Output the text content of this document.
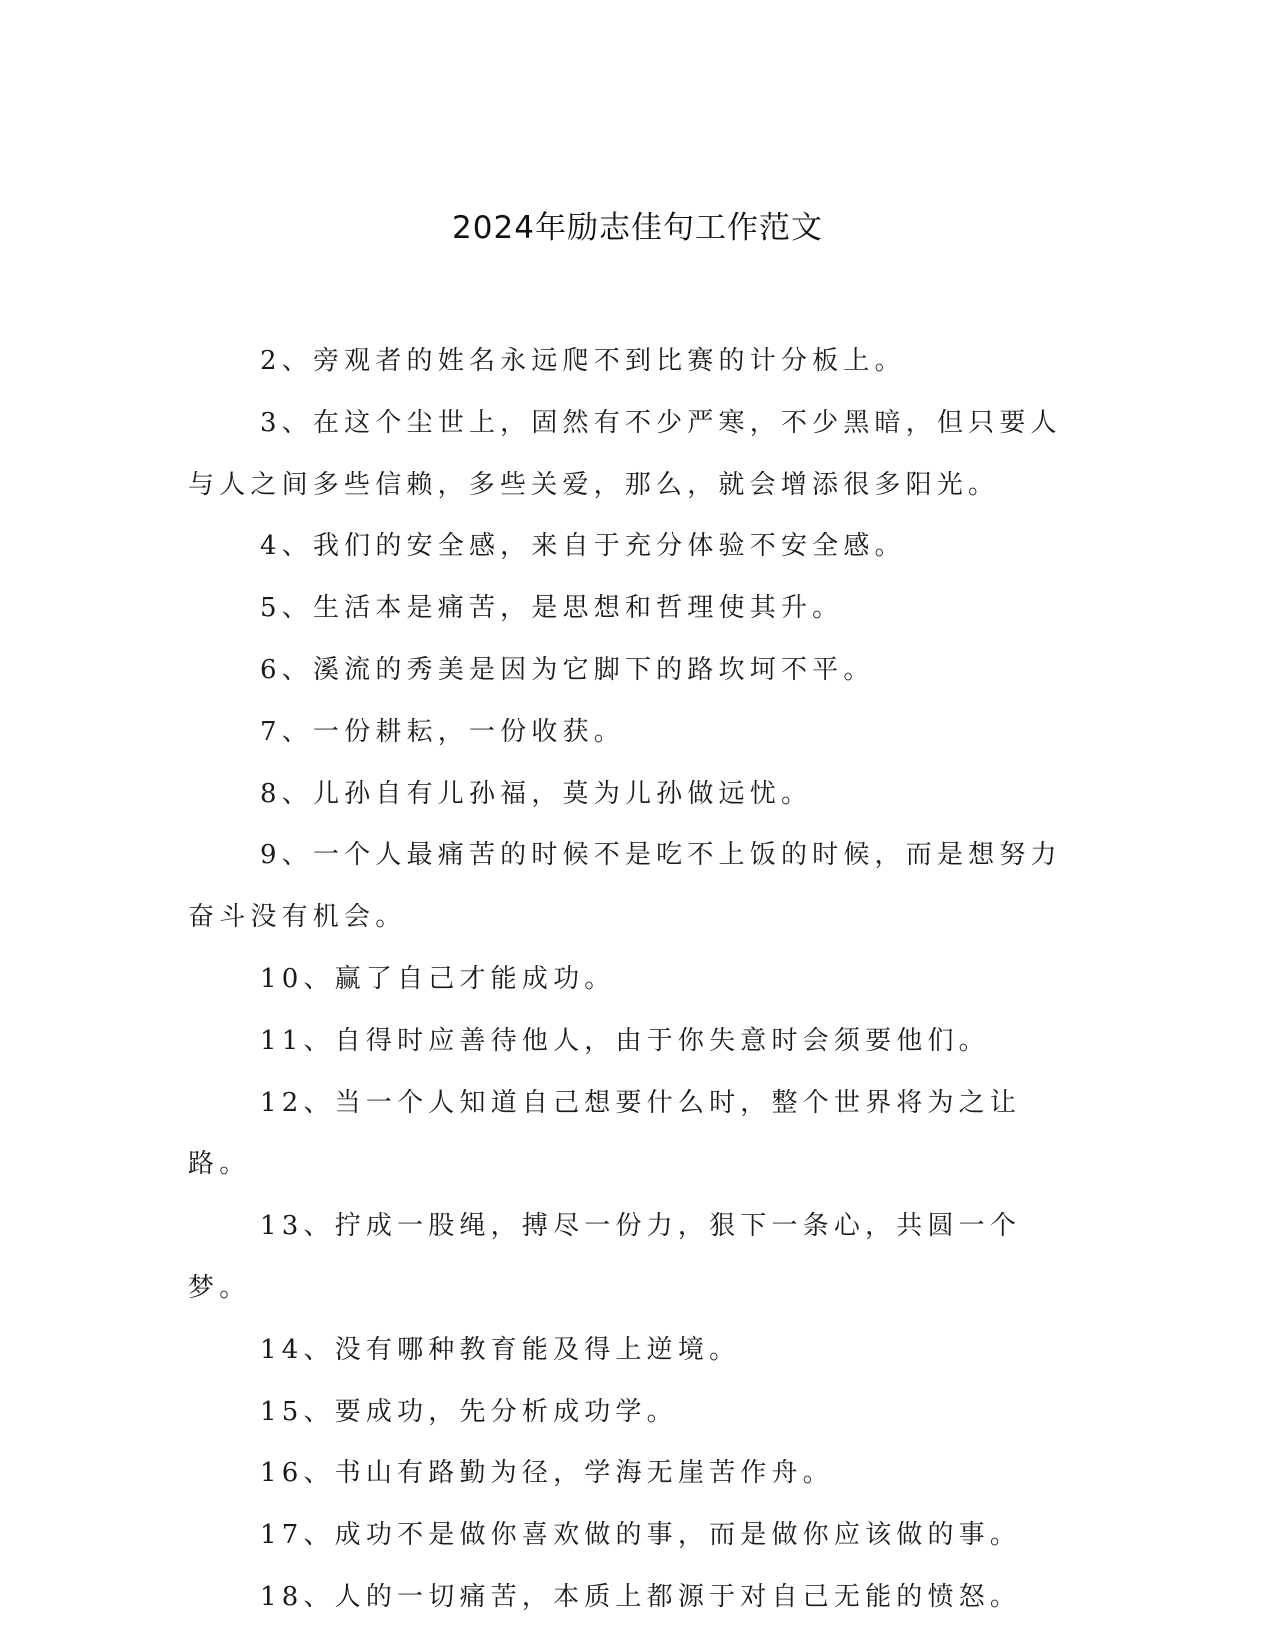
2024年励志佳句工作范文

2、旁观者的姓名永远爬不到比赛的计分板上。

3、在这个尘世上，固然有不少严寒，不少黑暗，但只要人与人之间多些信赖，多些关爱，那么，就会增添很多阳光。

4、我们的安全感，来自于充分体验不安全感。

5、生活本是痛苦，是思想和哲理使其升。

6、溪流的秀美是因为它脚下的路坎坷不平。

7、一份耕耘，一份收获。

8、儿孙自有儿孙福，莫为儿孙做远忧。

9、一个人最痛苦的时候不是吃不上饭的时候，而是想努力奋斗没有机会。

10、赢了自己才能成功。

11、自得时应善待他人，由于你失意时会须要他们。

12、当一个人知道自己想要什么时，整个世界将为之让路。

13、拧成一股绳，搏尽一份力，狠下一条心，共圆一个梦。

14、没有哪种教育能及得上逆境。

15、要成功，先分析成功学。

16、书山有路勤为径，学海无崖苦作舟。

17、成功不是做你喜欢做的事，而是做你应该做的事。

18、人的一切痛苦，本质上都源于对自己无能的愤怒。
